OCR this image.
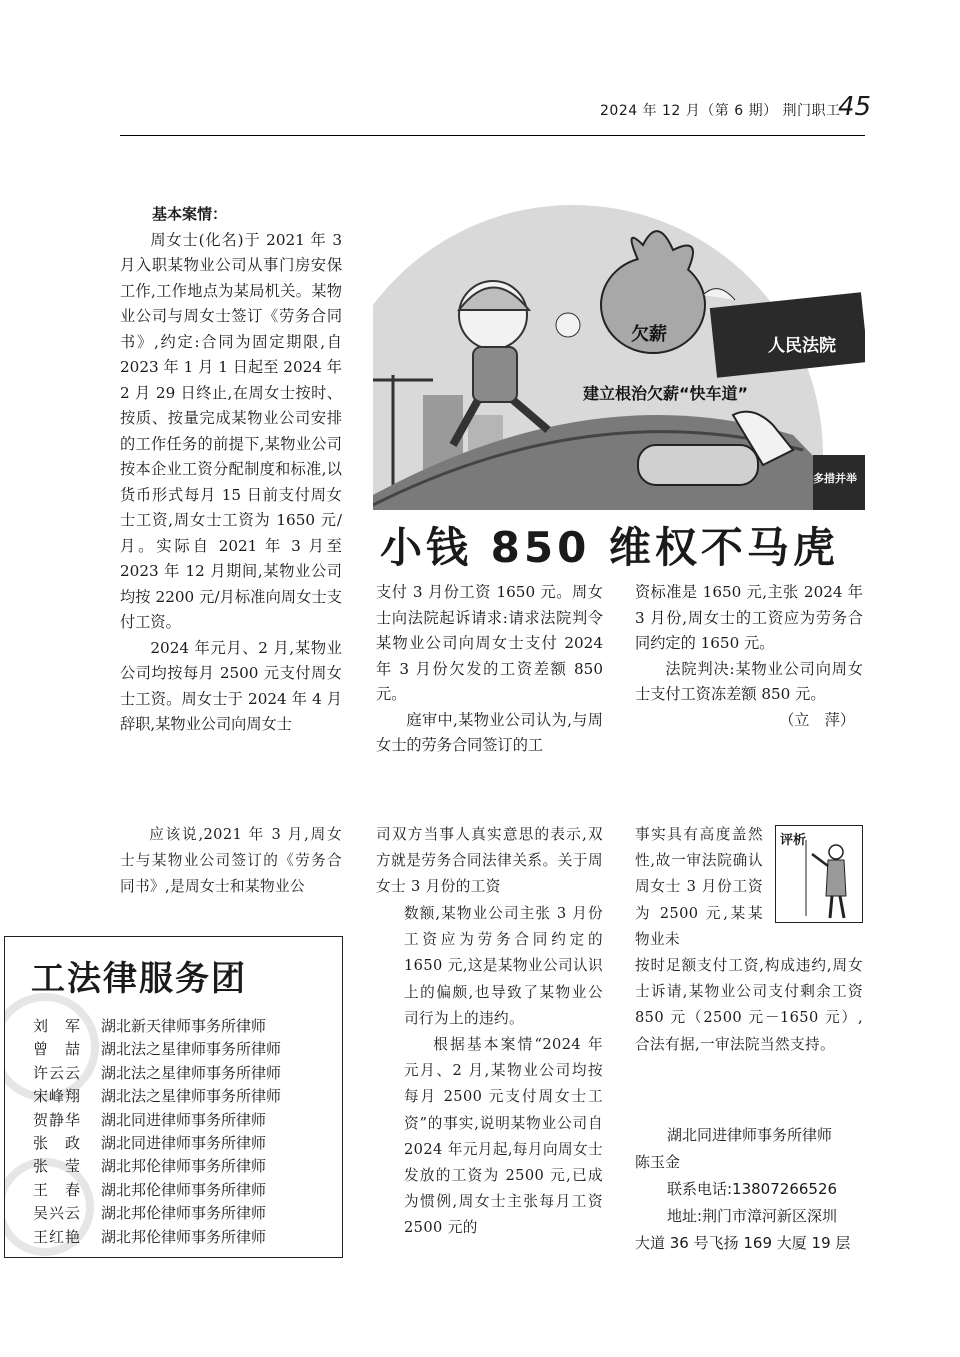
2024 年 12 月（第 6 期） 荆门职工
45

基本案情：

周女士(化名)于 2021 年 3 月入职某物业公司从事门房安保工作,工作地点为某局机关。某物业公司与周女士签订《劳务合同书》,约定:合同为固定期限,自 2023 年 1 月 1 日起至 2024 年 2 月 29 日终止,在周女士按时、按质、按量完成某物业公司安排的工作任务的前提下,某物业公司按本企业工资分配制度和标准,以货币形式每月 15 日前支付周女士工资,周女士工资为 1650 元/月。实际自 2021 年 3 月至 2023 年 12 月期间,某物业公司均按 2200 元/月标准向周女士支付工资。

2024 年元月、2 月,某物业公司均按每月 2500 元支付周女士工资。周女士于 2024 年 4 月辞职,某物业公司向周女士

欠薪
人民法院
建立根治欠薪“快车道”
多措并举
小钱 850 维权不马虎

支付 3 月份工资 1650 元。周女士向法院起诉请求:请求法院判令某物业公司向周女士支付 2024 年 3 月份欠发的工资差额 850 元。

庭审中,某物业公司认为,与周女士的劳务合同签订的工

资标准是 1650 元,主张 2024 年 3 月份,周女士的工资应为劳务合同约定的 1650 元。

法院判决:某物业公司向周女士支付工资冻差额 850 元。

（立　萍）

应该说,2021 年 3 月,周女士与某物业公司签订的《劳务合同书》,是周女士和某物业公

司双方当事人真实意思的表示,双方就是劳务合同法律关系。关于周女士 3 月份的工资

数额,某物业公司主张 3 月份工资应为劳务合同约定的 1650 元,这是某物业公司认识上的偏颇,也导致了某物业公司行为上的违约。

根据基本案情“2024 年元月、2 月,某物业公司均按每月 2500 元支付周女士工资”的事实,说明某物业公司自 2024 年元月起,每月向周女士发放的工资为 2500 元,已成为惯例,周女士主张每月工资 2500 元的

事实具有高度盖然性,故一审法院确认周女士 3 月份工资为 2500 元,某某物业未

评析

按时足额支付工资,构成违约,周女士诉请,某物业公司支付剩余工资 850 元（2500 元－1650 元）,合法有据,一审法院当然支持。

湖北同进律师事务所律师
陈玉金
联系电话:13807266526
地址:荆门市漳河新区深圳
大道 36 号飞扬 169 大厦 19 层
工法律服务团
刘　军 湖北新天律师事务所律师
曾　喆 湖北法之星律师事务所律师
许云云 湖北法之星律师事务所律师
宋峰翔 湖北法之星律师事务所律师
贺静华 湖北同进律师事务所律师
张　政 湖北同进律师事务所律师
张　莹 湖北邦伦律师事务所律师
王　春 湖北邦伦律师事务所律师
吴兴云 湖北邦伦律师事务所律师
王红艳 湖北邦伦律师事务所律师
